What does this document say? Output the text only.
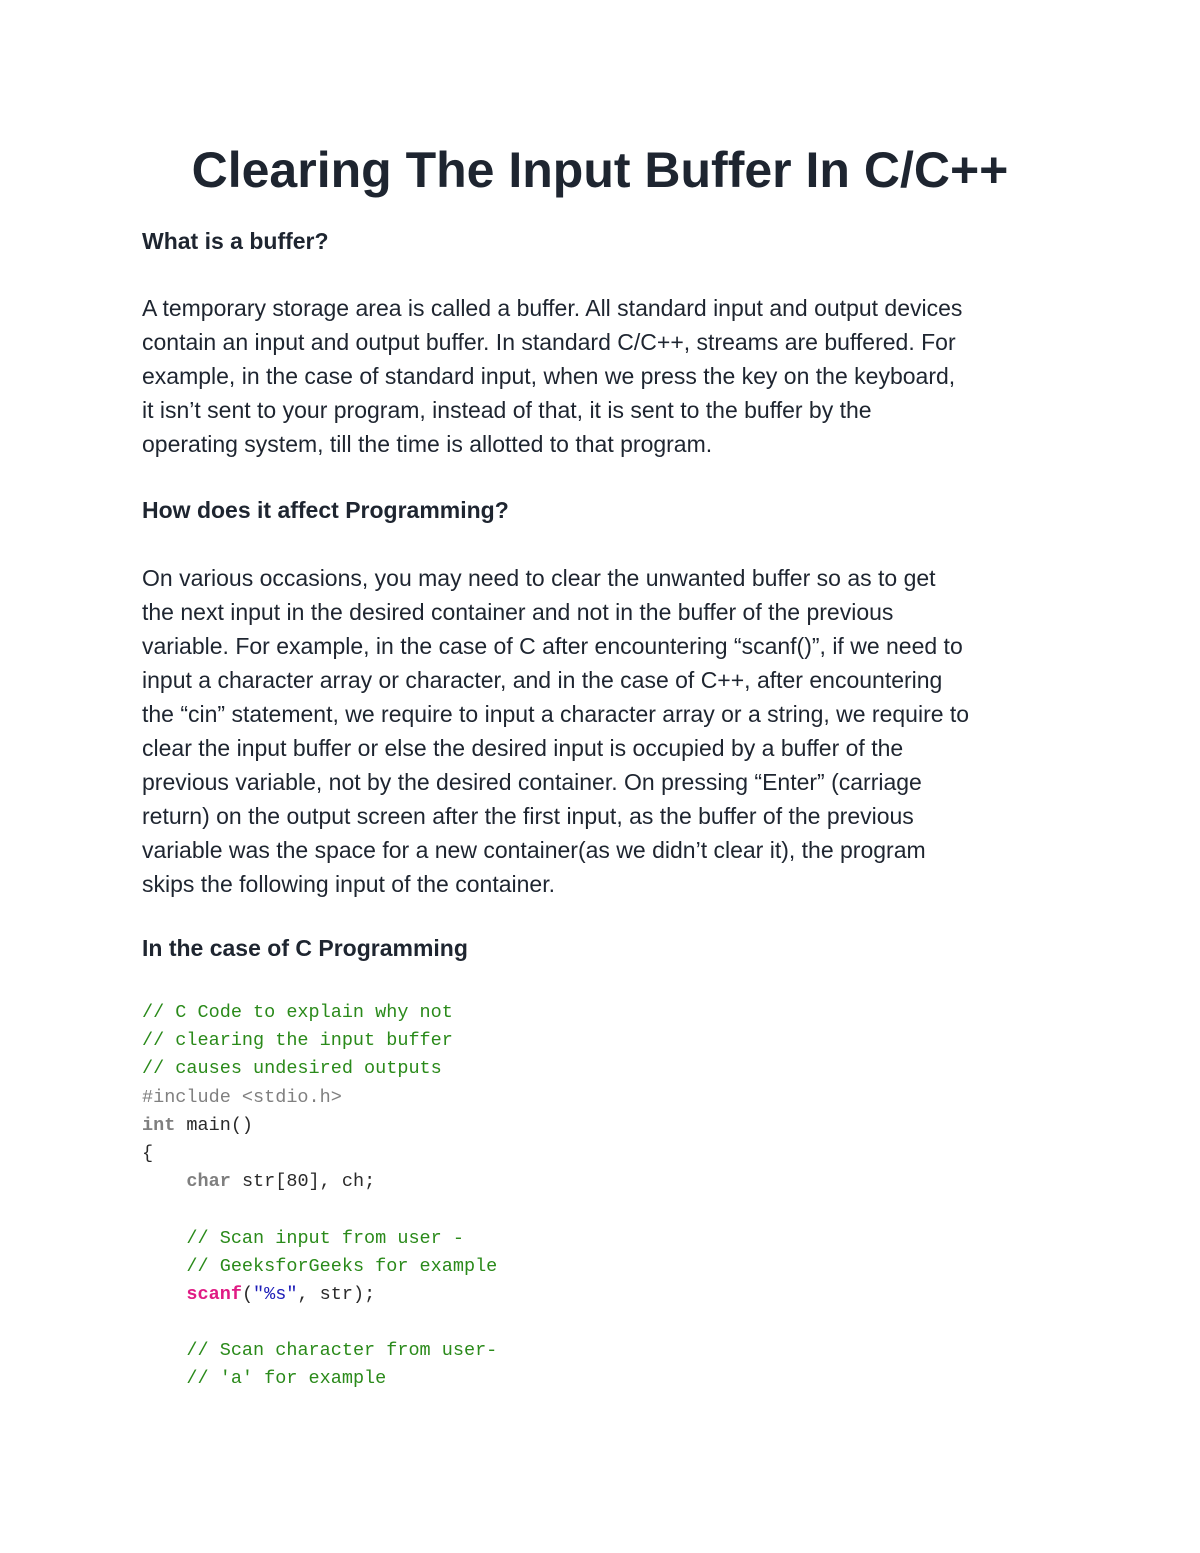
Clearing The Input Buffer In C/C++

What is a buffer?

A temporary storage area is called a buffer. All standard input and output devices
contain an input and output buffer. In standard C/C++, streams are buffered. For
example, in the case of standard input, when we press the key on the keyboard,
it isn’t sent to your program, instead of that, it is sent to the buffer by the
operating system, till the time is allotted to that program.

How does it affect Programming?

On various occasions, you may need to clear the unwanted buffer so as to get
the next input in the desired container and not in the buffer of the previous
variable. For example, in the case of C after encountering “scanf()”, if we need to
input a character array or character, and in the case of C++, after encountering
the “cin” statement, we require to input a character array or a string, we require to
clear the input buffer or else the desired input is occupied by a buffer of the
previous variable, not by the desired container. On pressing “Enter” (carriage
return) on the output screen after the first input, as the buffer of the previous
variable was the space for a new container(as we didn’t clear it), the program
skips the following input of the container.

In the case of C Programming

// C Code to explain why not
// clearing the input buffer
// causes undesired outputs
#include <stdio.h>
int main()
{
char str[80], ch;
// Scan input from user -
// GeeksforGeeks for example
scanf("%s", str);
// Scan character from user-
// 'a' for example
